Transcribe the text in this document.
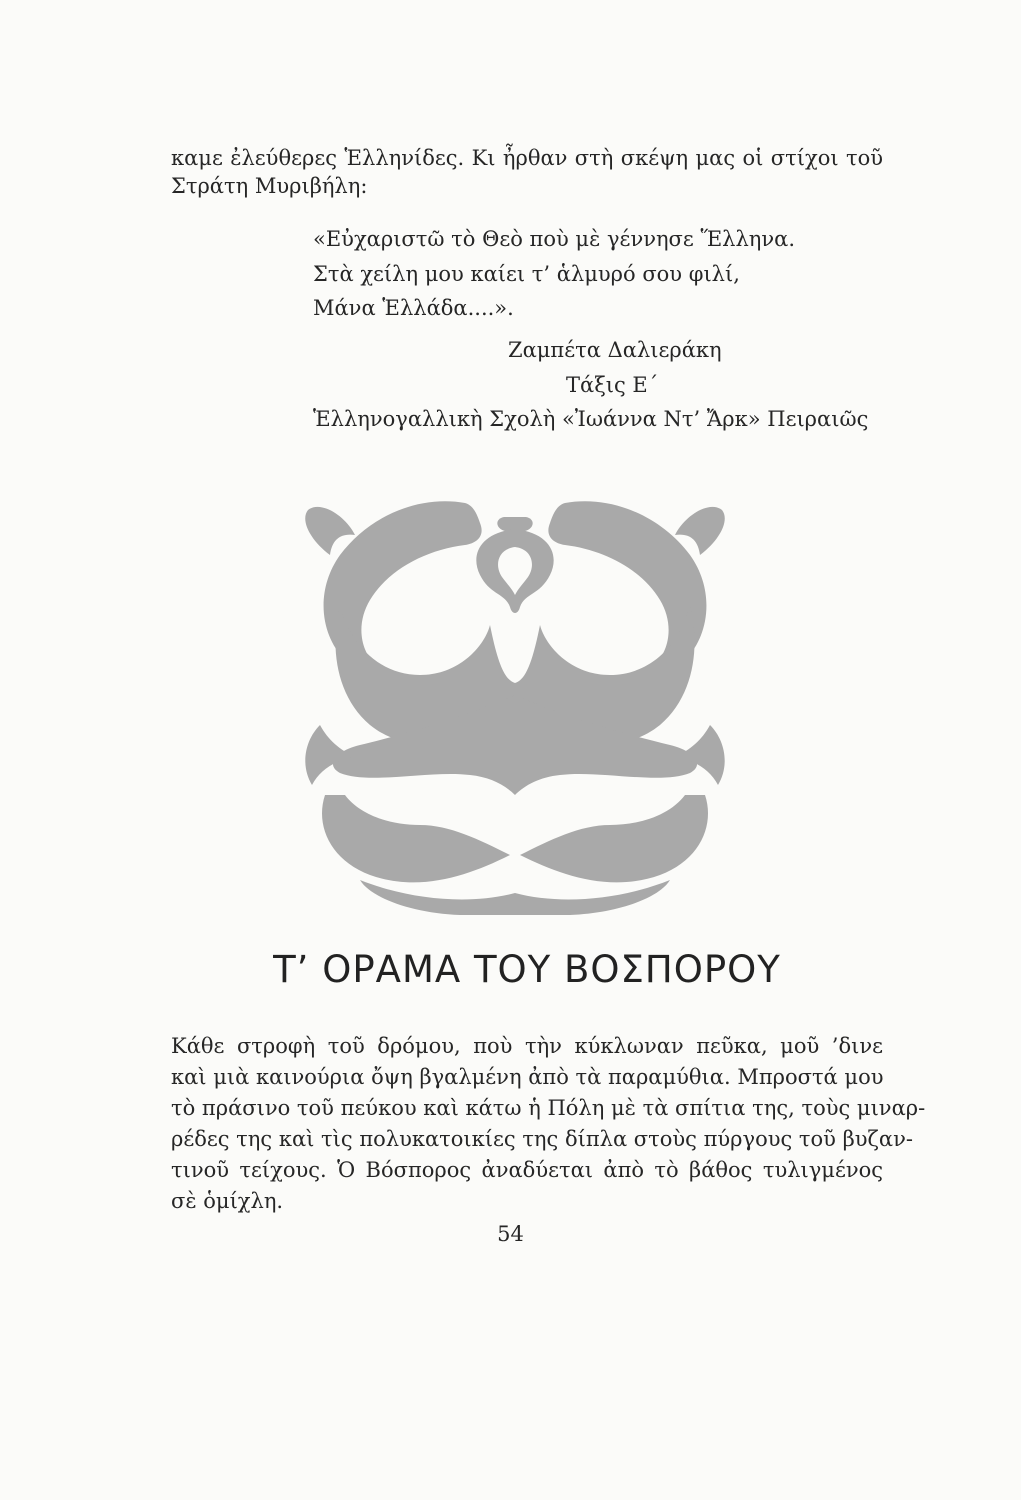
καμε ἐλεύθερες Ἑλληνίδες. Κι ἦρθαν στὴ σκέψη μας οἱ στίχοι τοῦ
Στράτη Μυριβήλη:
«Εὐχαριστῶ τὸ Θεὸ ποὺ μὲ γέννησε Ἕλληνα.
Στὰ χείλη μου καίει τ’ ἁλμυρό σου φιλί,
Μάνα Ἑλλάδα....».
Ζαμπέτα Δαλιεράκη
Τάξις Ε΄
Ἑλληνογαλλικὴ Σχολὴ «Ἰωάννα Ντ’ Ἄρκ» Πειραιῶς
Τ’ ΟΡΑΜΑ ΤΟΥ ΒΟΣΠΟΡΟΥ
Κάθε στροφὴ τοῦ δρόμου, ποὺ τὴν κύκλωναν πεῦκα, μοῦ ’δινε
καὶ μιὰ καινούρια ὄψη βγαλμένη ἀπὸ τὰ παραμύθια. Μπροστά μου
τὸ πράσινο τοῦ πεύκου καὶ κάτω ἡ Πόλη μὲ τὰ σπίτια της, τοὺς μιναρ-
ρέδες της καὶ τὶς πολυκατοικίες της δίπλα στοὺς πύργους τοῦ βυζαν-
τινοῦ τείχους. Ὁ Βόσπορος ἀναδύεται ἀπὸ τὸ βάθος τυλιγμένος
σὲ ὁμίχλη.
54
